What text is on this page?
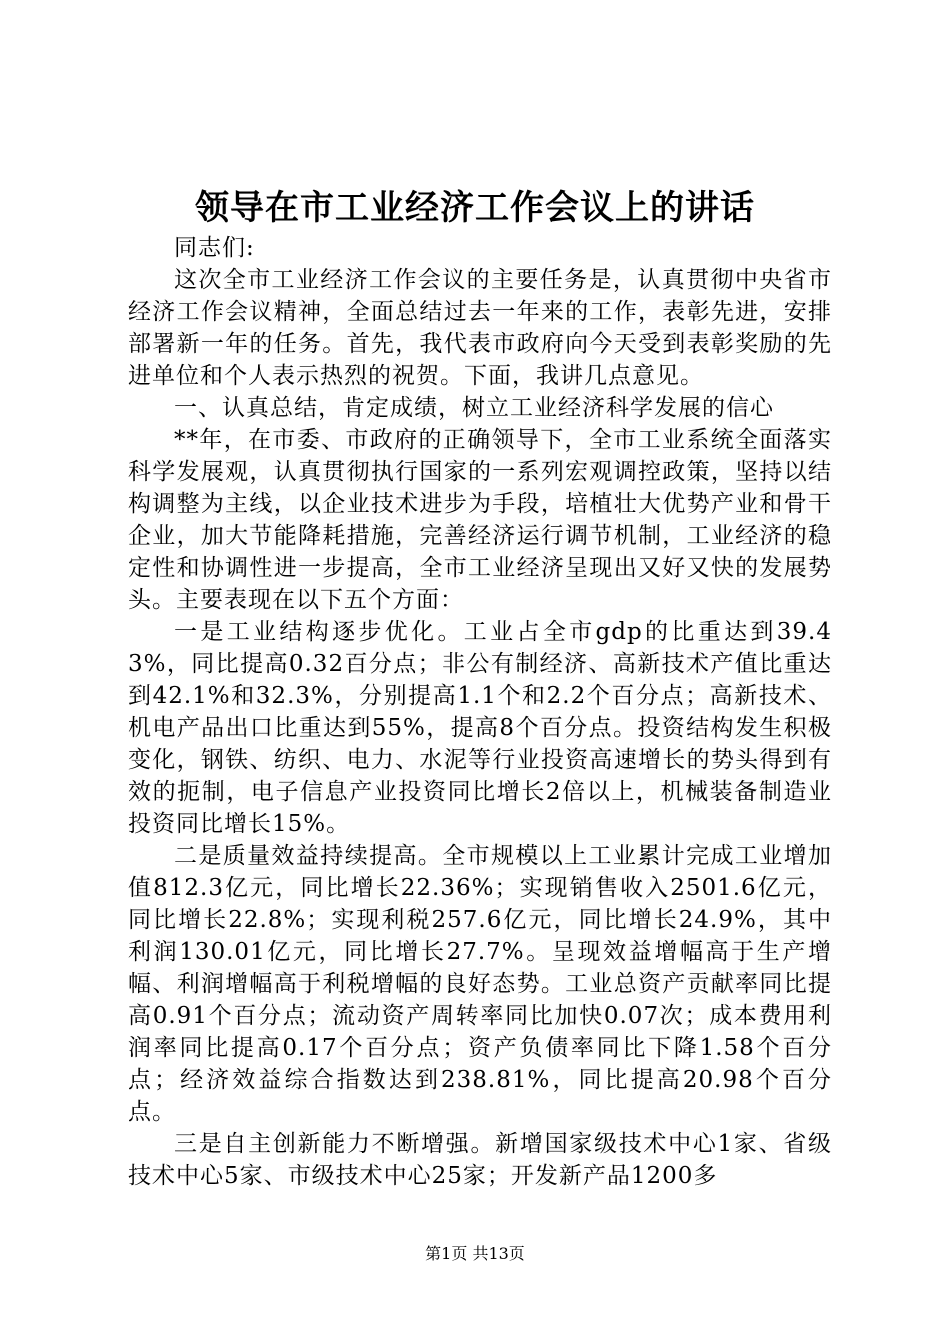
领导在市工业经济工作会议上的讲话

同志们:

这次全市工业经济工作会议的主要任务是，认真贯彻中央省市经济工作会议精神，全面总结过去一年来的工作，表彰先进，安排部署新一年的任务。首先，我代表市政府向今天受到表彰奖励的先进单位和个人表示热烈的祝贺。下面，我讲几点意见。

一、认真总结，肯定成绩，树立工业经济科学发展的信心

**年，在市委、市政府的正确领导下，全市工业系统全面落实科学发展观，认真贯彻执行国家的一系列宏观调控政策，坚持以结构调整为主线，以企业技术进步为手段，培植壮大优势产业和骨干企业，加大节能降耗措施，完善经济运行调节机制，工业经济的稳定性和协调性进一步提高，全市工业经济呈现出又好又快的发展势头。主要表现在以下五个方面：

一是工业结构逐步优化。工业占全市gdp的比重达到39.43%，同比提高0.32百分点；非公有制经济、高新技术产值比重达到42.1%和32.3%，分别提高1.1个和2.2个百分点；高新技术、机电产品出口比重达到55%，提高8个百分点。投资结构发生积极变化，钢铁、纺织、电力、水泥等行业投资高速增长的势头得到有效的扼制，电子信息产业投资同比增长2倍以上，机械装备制造业投资同比增长15%。

二是质量效益持续提高。全市规模以上工业累计完成工业增加值812.3亿元，同比增长22.36%；实现销售收入2501.6亿元，同比增长22.8%；实现利税257.6亿元，同比增长24.9%，其中利润130.01亿元，同比增长27.7%。呈现效益增幅高于生产增幅、利润增幅高于利税增幅的良好态势。工业总资产贡献率同比提高0.91个百分点；流动资产周转率同比加快0.07次；成本费用利润率同比提高0.17个百分点；资产负债率同比下降1.58个百分点；经济效益综合指数达到238.81%，同比提高20.98个百分点。

三是自主创新能力不断增强。新增国家级技术中心1家、省级技术中心5家、市级技术中心25家；开发新产品1200多

第1页 共13页
